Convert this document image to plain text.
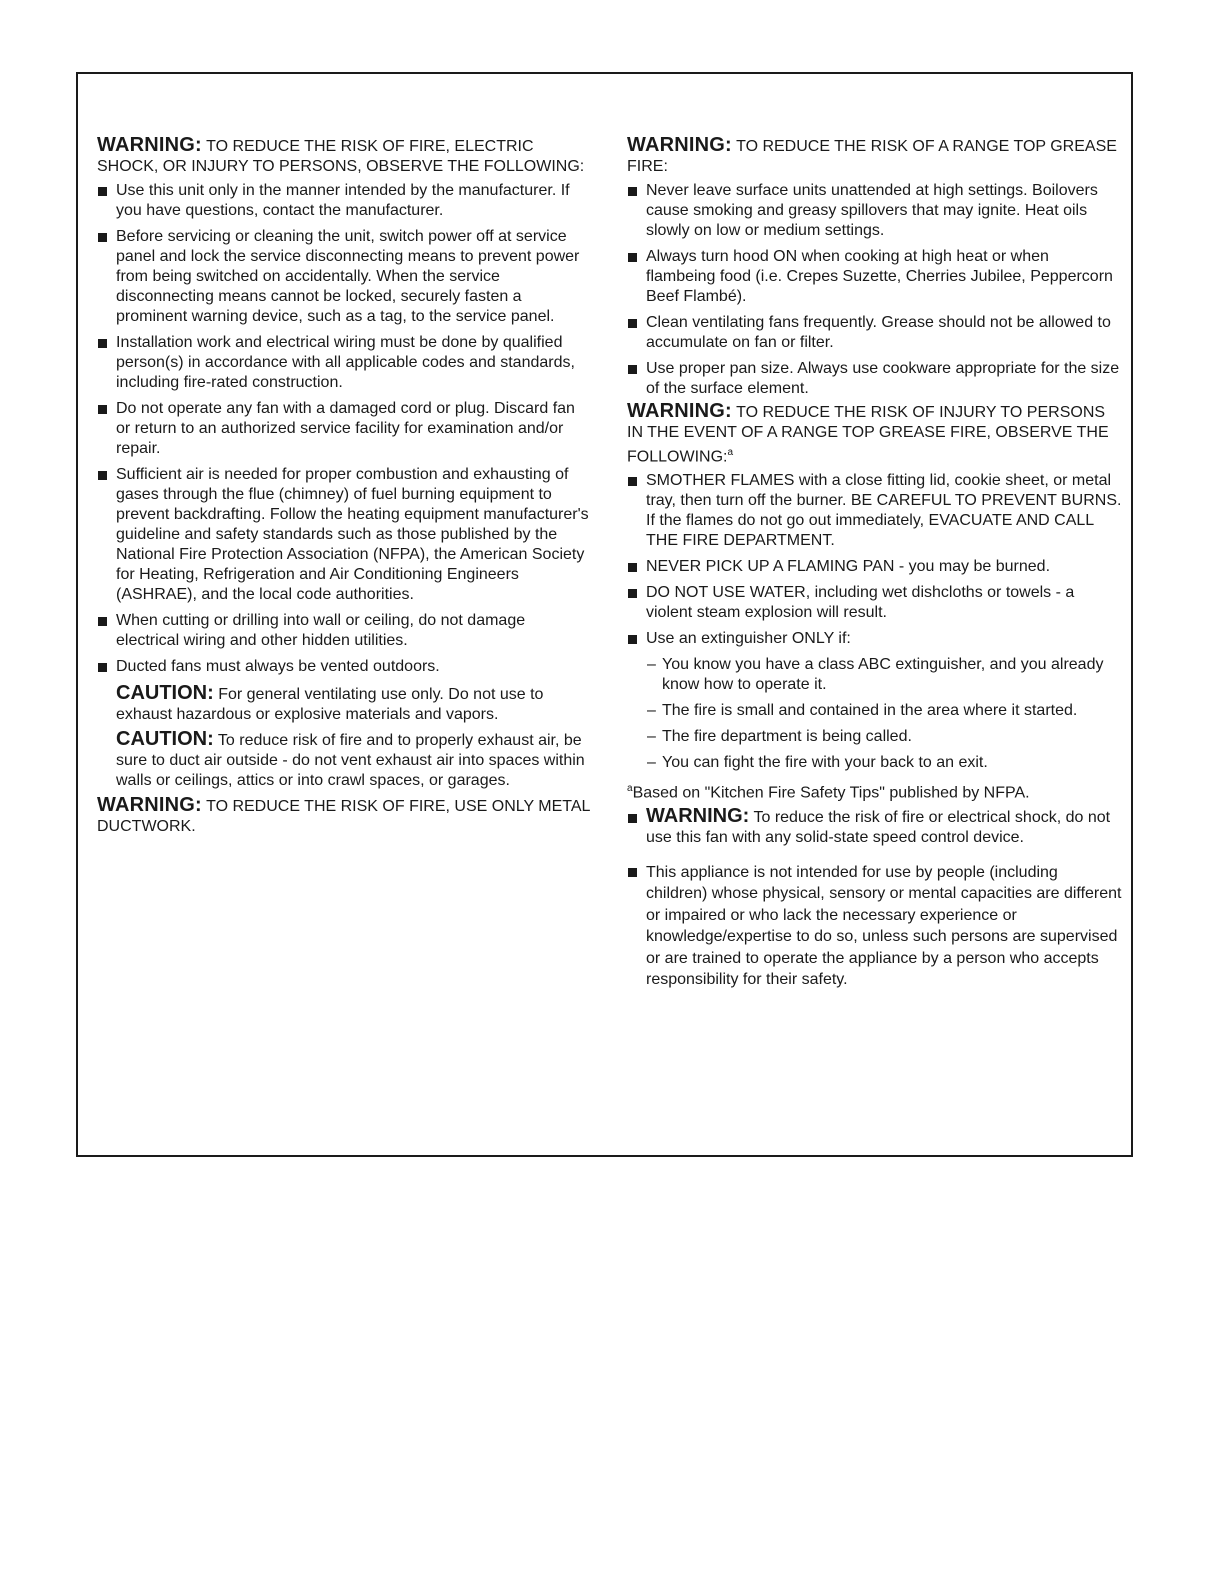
WARNING: TO REDUCE THE RISK OF FIRE, ELECTRIC SHOCK, OR INJURY TO PERSONS, OBSERVE THE FOLLOWING:
Use this unit only in the manner intended by the manufacturer. If you have questions, contact the manufacturer.
Before servicing or cleaning the unit, switch power off at service panel and lock the service disconnecting means to prevent power from being switched on accidentally. When the service disconnecting means cannot be locked, securely fasten a prominent warning device, such as a tag, to the service panel.
Installation work and electrical wiring must be done by qualified person(s) in accordance with all applicable codes and standards, including fire-rated construction.
Do not operate any fan with a damaged cord or plug. Discard fan or return to an authorized service facility for examination and/or repair.
Sufficient air is needed for proper combustion and exhausting of gases through the flue (chimney) of fuel burning equipment to prevent backdrafting. Follow the heating equipment manufacturer's guideline and safety standards such as those published by the National Fire Protection Association (NFPA), the American Society for Heating, Refrigeration and Air Conditioning Engineers (ASHRAE), and the local code authorities.
When cutting or drilling into wall or ceiling, do not damage electrical wiring and other hidden utilities.
Ducted fans must always be vented outdoors.
CAUTION: For general ventilating use only. Do not use to exhaust hazardous or explosive materials and vapors.
CAUTION: To reduce risk of fire and to properly exhaust air, be sure to duct air outside - do not vent exhaust air into spaces within walls or ceilings, attics or into crawl spaces, or garages.
WARNING: TO REDUCE THE RISK OF FIRE, USE ONLY METAL DUCTWORK.
WARNING: TO REDUCE THE RISK OF A RANGE TOP GREASE FIRE:
Never leave surface units unattended at high settings. Boilovers cause smoking and greasy spillovers that may ignite. Heat oils slowly on low or medium settings.
Always turn hood ON when cooking at high heat or when flambeing food (i.e. Crepes Suzette, Cherries Jubilee, Peppercorn Beef Flambé).
Clean ventilating fans frequently. Grease should not be allowed to accumulate on fan or filter.
Use proper pan size. Always use cookware appropriate for the size of the surface element.
WARNING: TO REDUCE THE RISK OF INJURY TO PERSONS IN THE EVENT OF A RANGE TOP GREASE FIRE, OBSERVE THE FOLLOWING:$^a$
SMOTHER FLAMES with a close fitting lid, cookie sheet, or metal tray, then turn off the burner. BE CAREFUL TO PREVENT BURNS. If the flames do not go out immediately, EVACUATE AND CALL THE FIRE DEPARTMENT.
NEVER PICK UP A FLAMING PAN - you may be burned.
DO NOT USE WATER, including wet dishcloths or towels - a violent steam explosion will result.
Use an extinguisher ONLY if:
– You know you have a class ABC extinguisher, and you already know how to operate it.
– The fire is small and contained in the area where it started.
– The fire department is being called.
– You can fight the fire with your back to an exit.
$^a$Based on "Kitchen Fire Safety Tips" published by NFPA.
WARNING: To reduce the risk of fire or electrical shock, do not use this fan with any solid-state speed control device.
This appliance is not intended for use by people (including children) whose physical, sensory or mental capacities are different or impaired or who lack the necessary experience or knowledge/expertise to do so, unless such persons are supervised or are trained to operate the appliance by a person who accepts responsibility for their safety.
